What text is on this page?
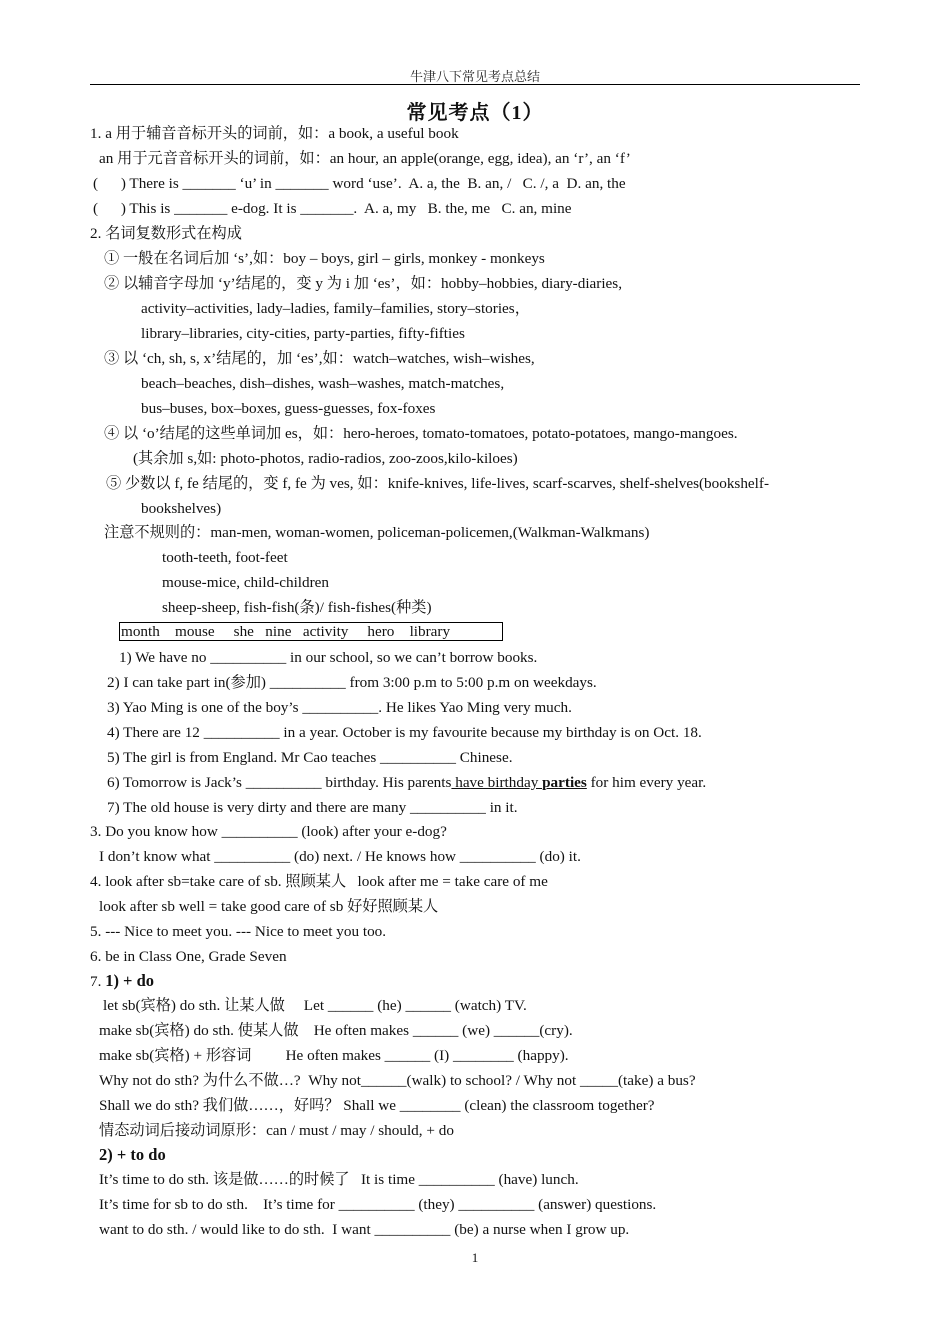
牛津八下常见考点总结
常见考点（1）
1. a 用于辅音音标开头的词前，如：a book, a useful book
an 用于元音音标开头的词前，如：an hour, an apple(orange, egg, idea), an ‘r’, an ‘f’
(      ) There is _______ ‘u’ in _______ word ‘use’.  A. a, the  B. an, /   C. /, a  D. an, the
(      ) This is _______ e-dog. It is _______.  A. a, my   B. the, me   C. an, mine
2. 名词复数形式在构成
① 一般在名词后加 ‘s’,如：boy – boys, girl – girls, monkey - monkeys
② 以辅音字母加 ‘y’结尾的，变 y 为 i 加 ‘es’，如：hobby–hobbies, diary-diaries,
activity–activities, lady–ladies, family–families, story–stories，
library–libraries, city-cities, party-parties, fifty-fifties
③ 以 ‘ch, sh, s, x’结尾的，加 ‘es’,如：watch–watches, wish–wishes,
beach–beaches, dish–dishes, wash–washes, match-matches,
bus–buses, box–boxes, guess-guesses, fox-foxes
④ 以 ‘o’结尾的这些单词加 es，如：hero-heroes, tomato-tomatoes, potato-potatoes, mango-mangoes.
(其余加 s,如: photo-photos, radio-radios, zoo-zoos,kilo-kiloes)
⑤ 少数以 f, fe 结尾的，变 f, fe 为 ves, 如：knife-knives, life-lives, scarf-scarves, shelf-shelves(bookshelf-
bookshelves)
注意不规则的：man-men, woman-women, policeman-policemen,(Walkman-Walkmans)
tooth-teeth, foot-feet
mouse-mice, child-children
sheep-sheep, fish-fish(条)/ fish-fishes(种类)
month mouse she nine activity hero library
1) We have no __________ in our school, so we can’t borrow books.
2) I can take part in(参加) __________ from 3:00 p.m to 5:00 p.m on weekdays.
3) Yao Ming is one of the boy’s __________. He likes Yao Ming very much.
4) There are 12 __________ in a year. October is my favourite because my birthday is on Oct. 18.
5) The girl is from England. Mr Cao teaches __________ Chinese.
6) Tomorrow is Jack’s __________ birthday. His parents have birthday parties for him every year.
7) The old house is very dirty and there are many __________ in it.
3. Do you know how __________ (look) after your e-dog?
I don’t know what __________ (do) next. / He knows how __________ (do) it.
4. look after sb=take care of sb. 照顾某人   look after me = take care of me
look after sb well = take good care of sb 好好照顾某人
5. --- Nice to meet you. --- Nice to meet you too.
6. be in Class One, Grade Seven
7. 1) + do
let sb(宾格) do sth. 让某人做     Let ______ (he) ______ (watch) TV.
make sb(宾格) do sth. 使某人做    He often makes ______ (we) ______(cry).
make sb(宾格) + 形容词         He often makes ______ (I) ________ (happy).
Why not do sth? 为什么不做…?  Why not______(walk) to school? / Why not _____(take) a bus?
Shall we do sth? 我们做……，好吗？ Shall we ________ (clean) the classroom together?
情态动词后接动词原形：can / must / may / should, + do
2) + to do
It’s time to do sth. 该是做……的时候了   It is time __________ (have) lunch.
It’s time for sb to do sth.    It’s time for __________ (they) __________ (answer) questions.
want to do sth. / would like to do sth.  I want __________ (be) a nurse when I grow up.
1
